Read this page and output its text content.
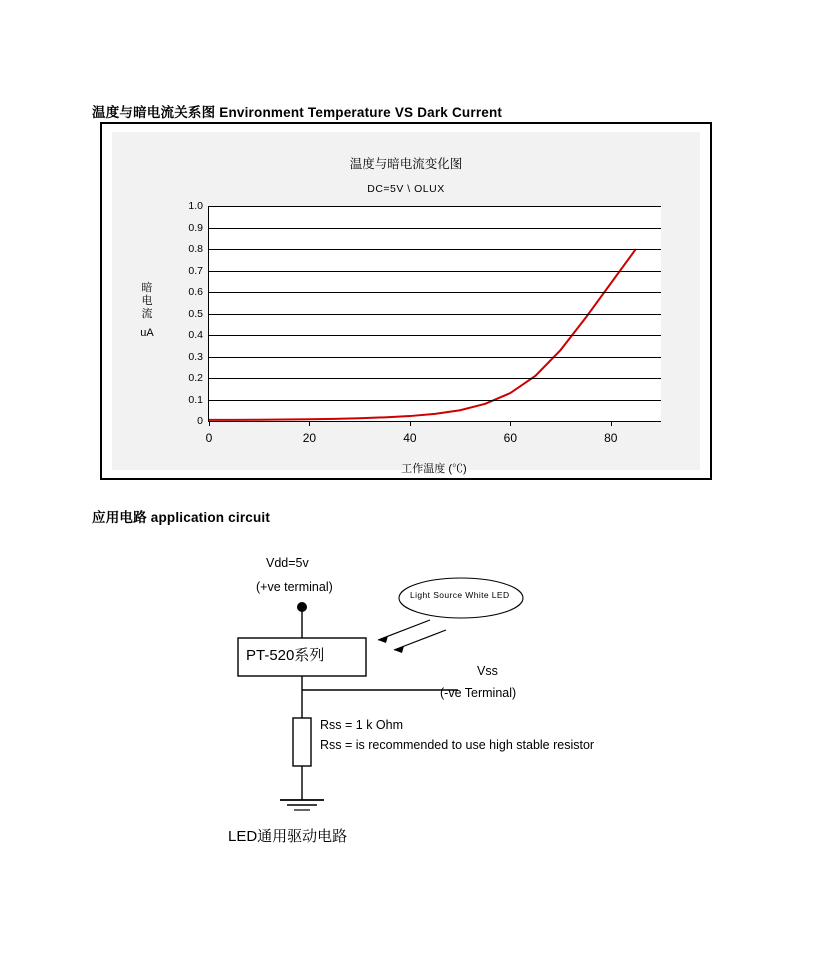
温度与暗电流关系图 Environment Temperature VS Dark Current
应用电路 application circuit
温度与暗电流变化图
DC=5V \ OLUX
暗
电
流
uA
1.0
0.9
0.8
0.7
0.6
0.5
0.4
0.3
0.2
0.1
0
0	20	40	60	80
工作温度 (℃)
Vdd=5v
(+ve terminal)
PT-520系列
Vss
(-ve Terminal)
Rss = 1 k Ohm
Rss = is recommended to use high stable resistor
Light Source White LED
LED通用驱动电路
